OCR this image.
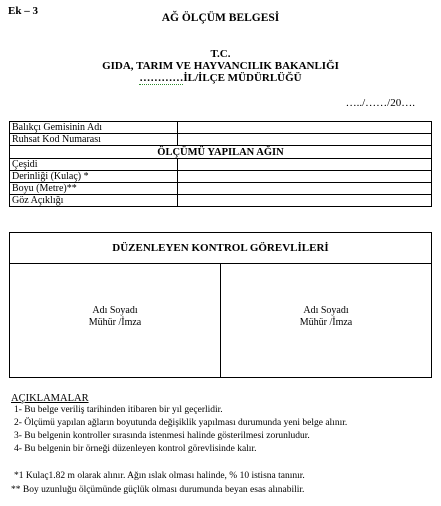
Ek – 3
AĞ ÖLÇÜM BELGESİ
T.C.
GIDA, TARIM VE HAYVANCILIK BAKANLIĞI
…………İL/İLÇE MÜDÜRLÜĞÜ
…../……/20….
Balıkçı Gemisinin Adı	
Ruhsat Kod Numarası	
ÖLÇÜMÜ YAPILAN AĞIN	
Çeşidi	
Derinliği (Kulaç) *	
Boyu (Metre)**	
Göz Açıklığı	
DÜZENLEYEN KONTROL GÖREVLİLERİ
Adı Soyadı
Mühür /İmza
Adı Soyadı
Mühür /İmza
AÇIKLAMALAR
1- Bu belge veriliş tarihinden itibaren bir yıl geçerlidir.
2- Ölçümü yapılan ağların boyutunda değişiklik yapılması durumunda yeni belge alınır.
3- Bu belgenin kontroller sırasında istenmesi halinde gösterilmesi zorunludur.
4- Bu belgenin bir örneği düzenleyen kontrol görevlisinde kalır.
*1 Kulaç1.82 m olarak alınır. Ağın ıslak olması halinde, % 10 istisna tanınır.
** Boy uzunluğu ölçümünde güçlük olması durumunda beyan esas alınabilir.
